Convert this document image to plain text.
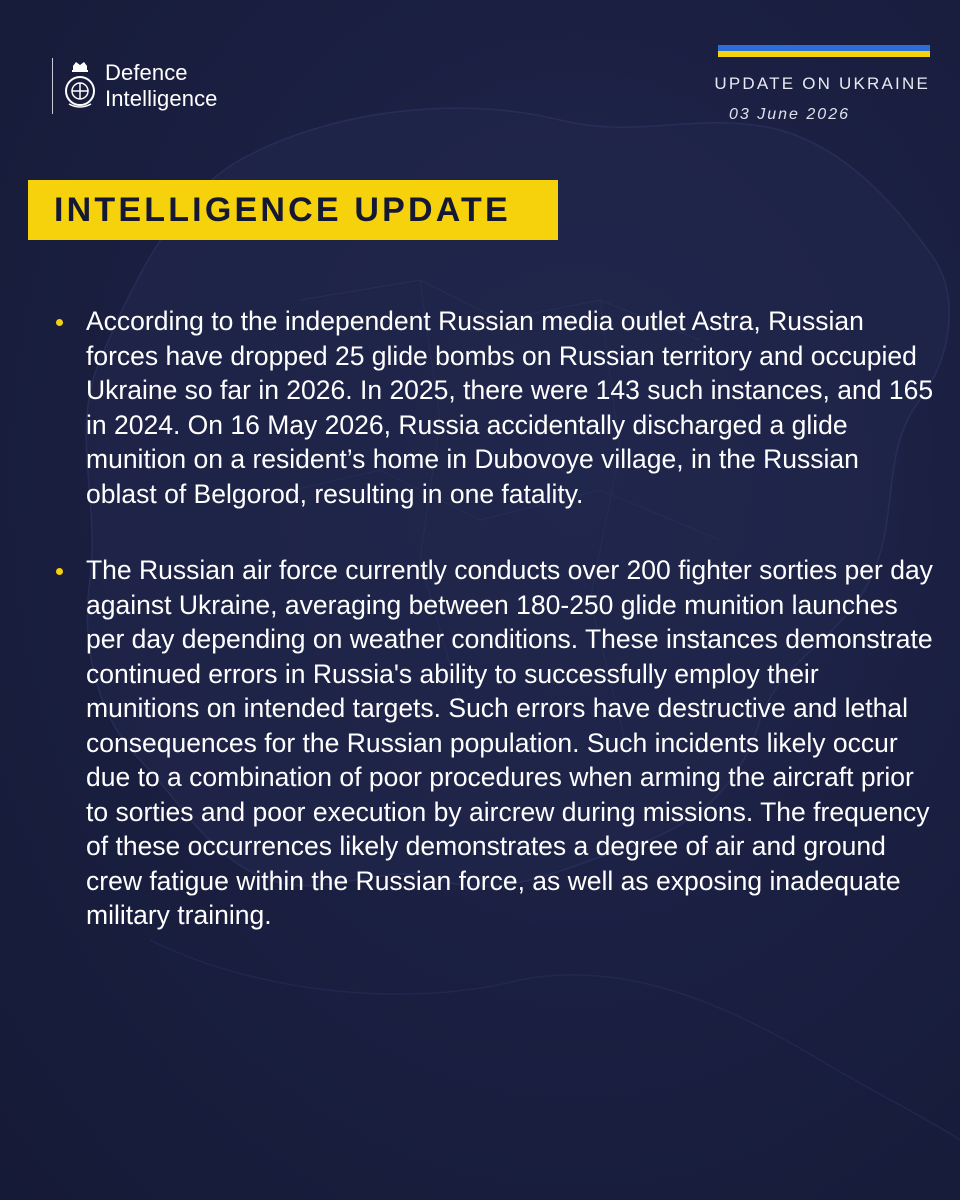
Defence
Intelligence
UPDATE ON UKRAINE
03 June 2026
INTELLIGENCE UPDATE

According to the independent Russian media outlet Astra, Russian forces have dropped 25 glide bombs on Russian territory and occupied Ukraine so far in 2026. In 2025, there were 143 such instances, and 165 in 2024. On 16 May 2026, Russia accidentally discharged a glide munition on a resident’s home in Dubovoye village, in the Russian oblast of Belgorod, resulting in one fatality.

The Russian air force currently conducts over 200 fighter sorties per day against Ukraine, averaging between 180-250 glide munition launches per day depending on weather conditions. These instances demonstrate continued errors in Russia's ability to successfully employ their munitions on intended targets. Such errors have destructive and lethal consequences for the Russian population. Such incidents likely occur due to a combination of poor procedures when arming the aircraft prior to sorties and poor execution by aircrew during missions. The frequency of these occurrences likely demonstrates a degree of air and ground crew fatigue within the Russian force, as well as exposing inadequate military training.
